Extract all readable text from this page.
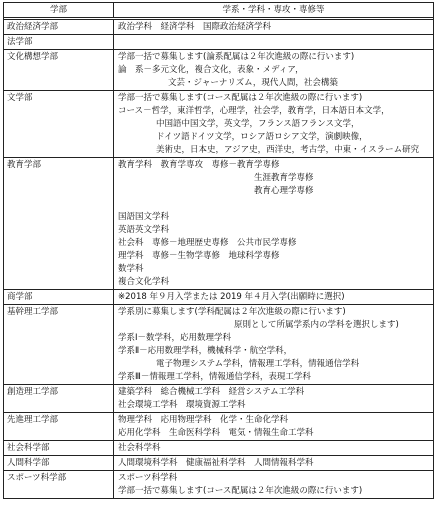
学部	学系・学科・専攻・専修等
政治経済学部	政治学科　経済学科　国際政治経済学科
法学部
文化構想学部	学部一括で募集します(論系配属は２年次進級の際に行います)
論　系－多元文化，複合文化，表象・メディア，
文芸・ジャーナリズム，現代人間，社会構築
文学部	学部一括で募集します(コース配属は２年次進級の際に行います)
コース－哲学，東洋哲学，心理学，社会学，教育学，日本語日本文学，
中国語中国文学，英文学，フランス語フランス文学，
ドイツ語ドイツ文学，ロシア語ロシア文学，演劇映像，
美術史，日本史，アジア史，西洋史，考古学，中東・イスラーム研究
教育学部	教育学科　教育学専攻　専修－教育学専修
生涯教育学専修
教育心理学専修
国語国文学科
英語英文学科
社会科　専修－地理歴史専修　公共市民学専修
理学科　専修－生物学専修　地球科学専修
数学科
複合文化学科
商学部	※2018 年９月入学または 2019 年４月入学(出願時に選択)
基幹理工学部	学系別に募集します(学科配属は２年次進級の際に行います)
原則として所属学系内の学科を選択します)
学系Ⅰ－数学科，応用数理学科
学系Ⅱ－応用数理学科，機械科学・航空学科，
電子物理システム学科，情報理工学科，情報通信学科
学系Ⅲ－情報理工学科，情報通信学科，表現工学科
創造理工学部	建築学科　総合機械工学科　経営システム工学科
社会環境工学科　環境資源工学科
先進理工学部	物理学科　応用物理学科　化学・生命化学科
応用化学科　生命医科学科　電気・情報生命工学科
社会科学部	社会科学科
人間科学部	人間環境科学科　健康福祉科学科　人間情報科学科
スポーツ科学部	スポーツ科学科
学部一括で募集します(コース配属は２年次進級の際に行います)
